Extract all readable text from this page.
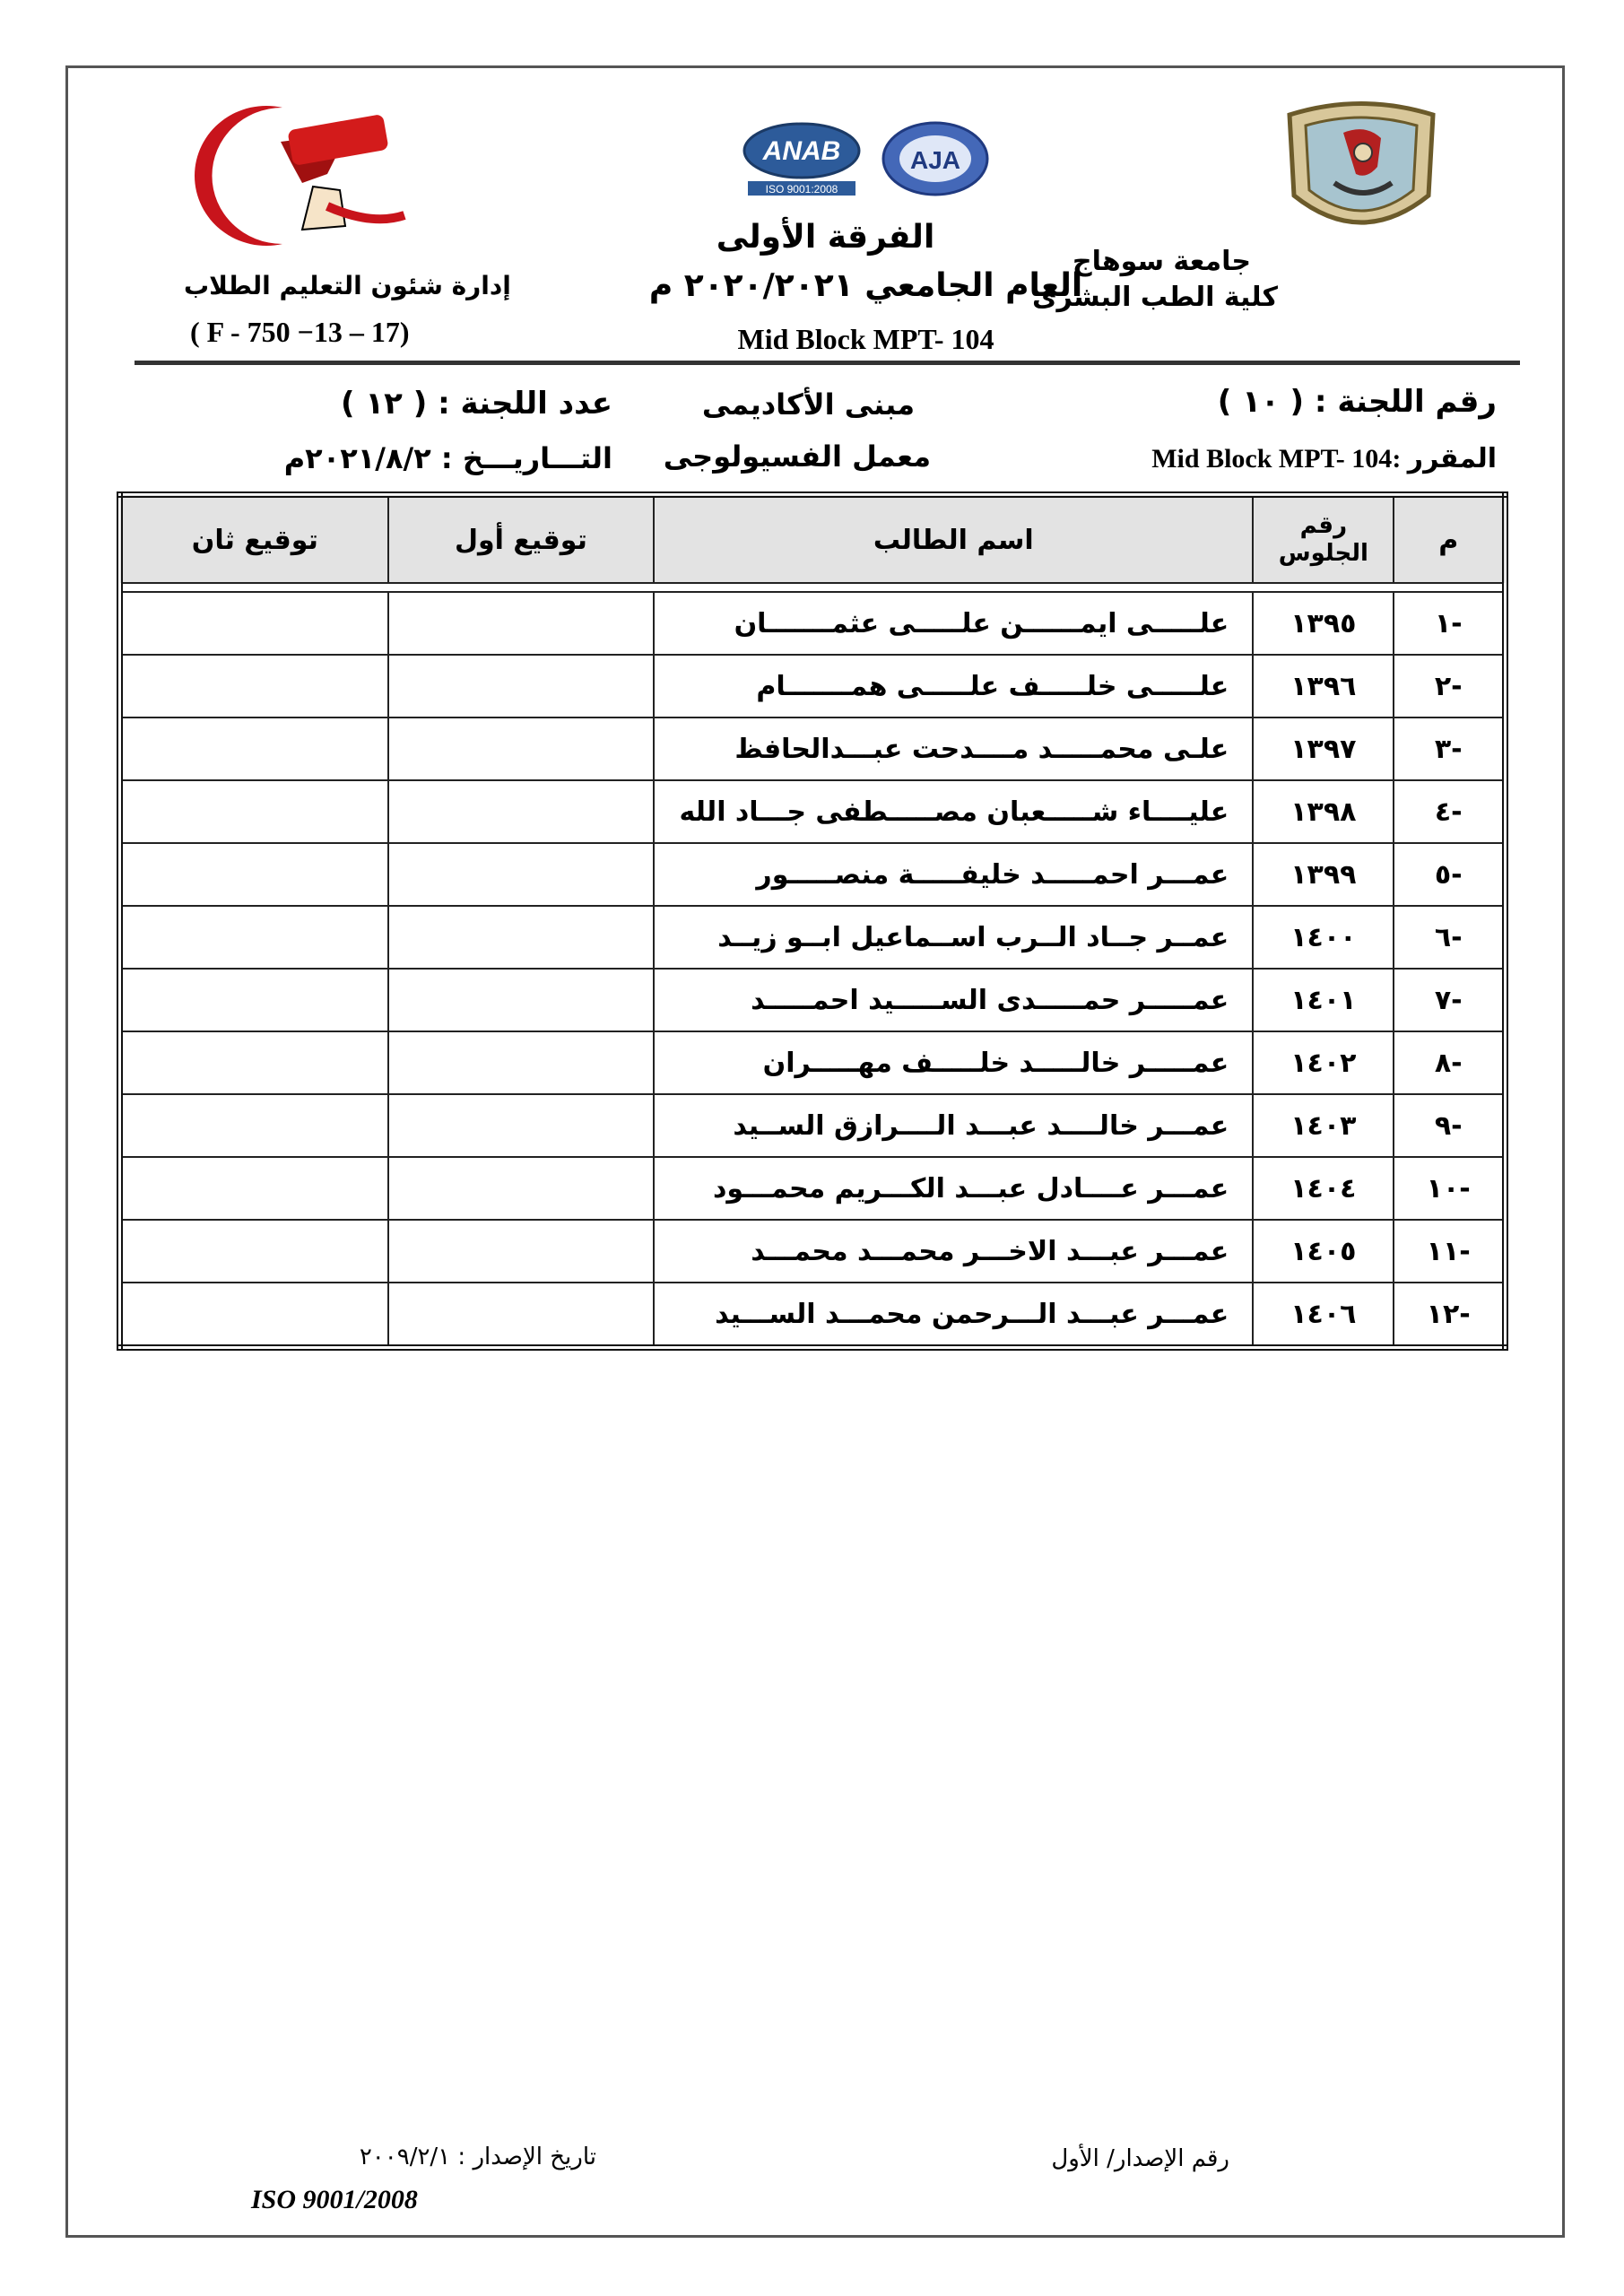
جامعة سوهاج
كلية الطب البشرى
ANAB
ISO 9001:2008
AJA
الفرقة الأولى
العام الجامعي ٢٠٢٠/٢٠٢١ م
Mid Block MPT- 104
إدارة شئون التعليم الطلاب
( F - 750 −13 – 17)
رقم اللجنة : ( ١٠ )
المقرر :Mid Block MPT- 104
مبنى الأكاديمى
معمل الفسيولوجى
عدد اللجنة : ( ١٢ )
التـــاريـــخ : ٢٠٢١/٨/٢م
م	رقم الجلوس	اسم الطالب	توقيع أول	توقيع ثان

-١	١٣٩٥	علـــــى ايمــــــن علـــــى عثمـــــــان		
-٢	١٣٩٦	علـــــى خلـــــف علـــــى همـــــــام		
-٣	١٣٩٧	علـى محمـــــد مــــدحت عبـــدالحافظ		
-٤	١٣٩٨	عليــــاء شـــــعبان مصـــــطفى جـــاد الله		
-٥	١٣٩٩	عمـــر احمـــــد خليفـــــة منصـــــور		
-٦	١٤٠٠	عمــر جــاد الــرب اســماعيل ابــو زيــد		
-٧	١٤٠١	عمـــــر حمـــــدى الســـــيد احمـــــد		
-٨	١٤٠٢	عمـــــر خالـــــد خلـــــف مهـــــران		
-٩	١٤٠٣	عمـــر خالــــد عبـــد الــــرازق الســيد		
-١٠	١٤٠٤	عمـــر عــــادل عبـــد الكـــريم محمـــود		
-١١	١٤٠٥	عمـــر عبـــد الاخـــر محمـــد محمـــد		
-١٢	١٤٠٦	عمـــر عبـــد الـــرحمن محمـــد الســـيد		
رقم الإصدار/ الأول
تاريخ الإصدار : ٢٠٠٩/٢/١
ISO 9001/2008
